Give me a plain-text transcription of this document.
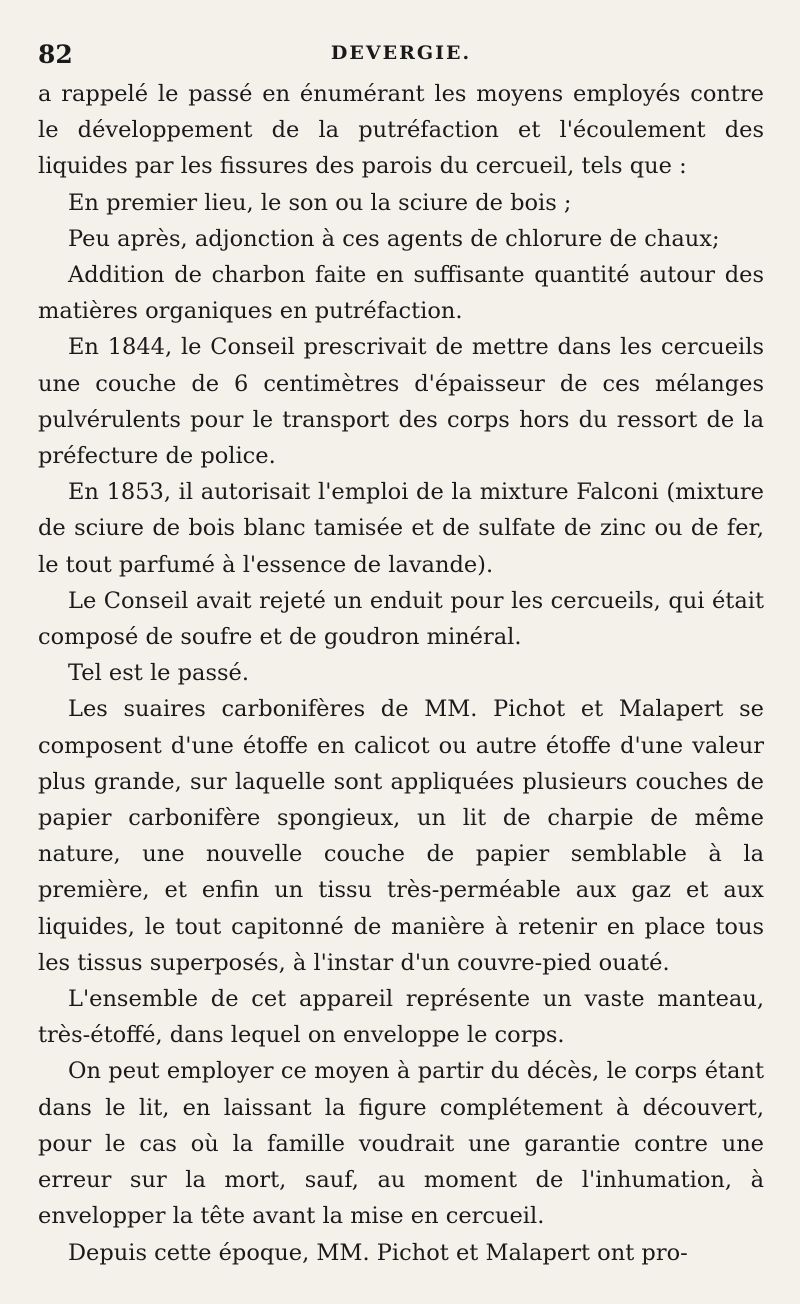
82	DEVERGIE.

a rappelé le passé en énumérant les moyens employés contre le développement de la putréfaction et l'écoulement des liquides par les fissures des parois du cercueil, tels que :

En premier lieu, le son ou la sciure de bois ;

Peu après, adjonction à ces agents de chlorure de chaux;

Addition de charbon faite en suffisante quantité autour des matières organiques en putréfaction.

En 1844, le Conseil prescrivait de mettre dans les cercueils une couche de 6 centimètres d'épaisseur de ces mélanges pulvérulents pour le transport des corps hors du ressort de la préfecture de police.

En 1853, il autorisait l'emploi de la mixture Falconi (mixture de sciure de bois blanc tamisée et de sulfate de zinc ou de fer, le tout parfumé à l'essence de lavande).

Le Conseil avait rejeté un enduit pour les cercueils, qui était composé de soufre et de goudron minéral.

Tel est le passé.

Les suaires carbonifères de MM. Pichot et Malapert se composent d'une étoffe en calicot ou autre étoffe d'une valeur plus grande, sur laquelle sont appliquées plusieurs couches de papier carbonifère spongieux, un lit de charpie de même nature, une nouvelle couche de papier semblable à la première, et enfin un tissu très-perméable aux gaz et aux liquides, le tout capitonné de manière à retenir en place tous les tissus superposés, à l'instar d'un couvre-pied ouaté.

L'ensemble de cet appareil représente un vaste manteau, très-étoffé, dans lequel on enveloppe le corps.

On peut employer ce moyen à partir du décès, le corps étant dans le lit, en laissant la figure complétement à découvert, pour le cas où la famille voudrait une garantie contre une erreur sur la mort, sauf, au moment de l'inhumation, à envelopper la tête avant la mise en cercueil.

Depuis cette époque, MM. Pichot et Malapert ont pro-
